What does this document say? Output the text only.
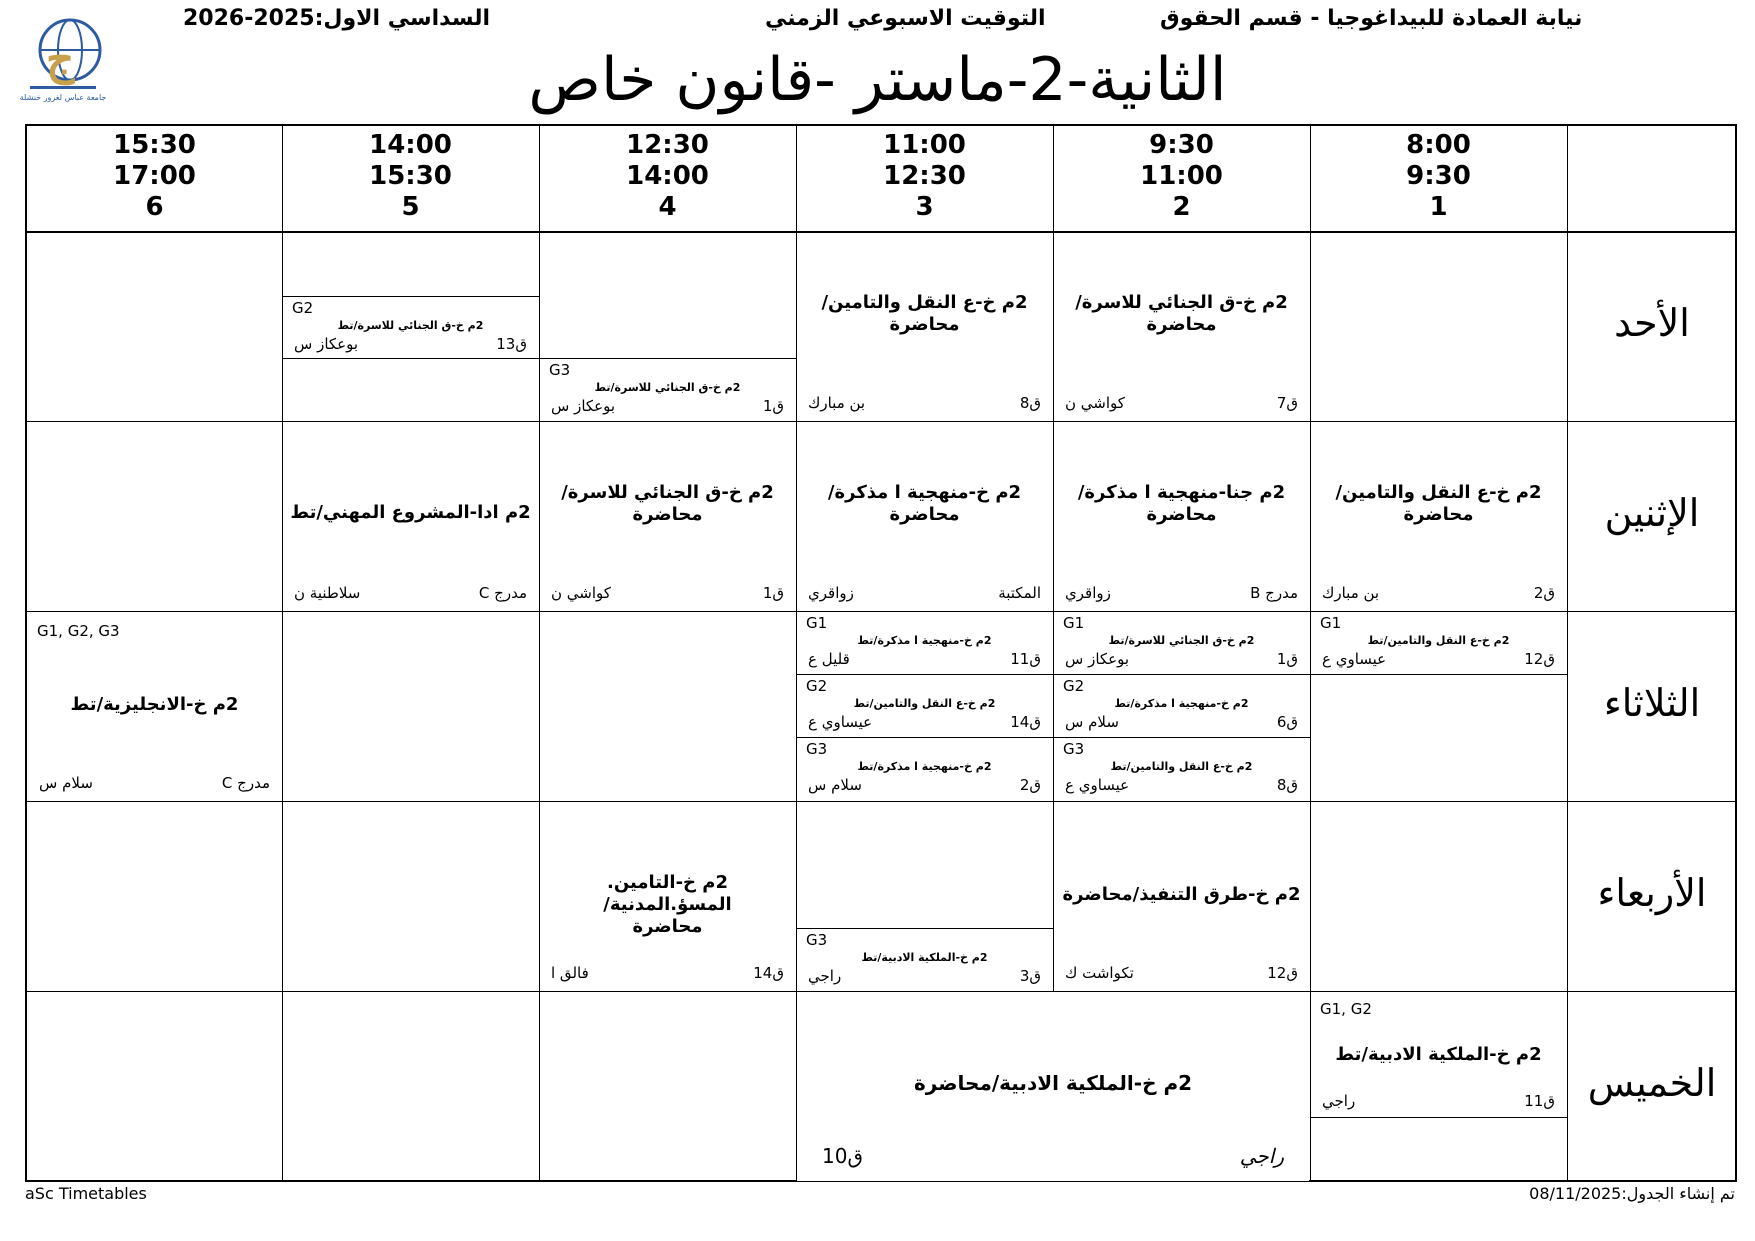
نيابة العمادة للبيداغوجيا - قسم الحقوق
التوقيت الاسبوعي الزمني
السداسي الاول:2025-2026
الثانية-2-ماستر -قانون خاص
ج
جامعة عباس لغرور خنشلة
8:00
9:30
1
9:30
11:00
2
11:00
12:30
3
12:30
14:00
4
14:00
15:30
5
15:30
17:00
6
الأحد
الإثنين
الثلاثاء
الأربعاء
الخميس
2م خ-ق الجنائي للاسرة/ محاضرة
ق7
كواشي ن
2م خ-ع النقل والتامين/ محاضرة
ق8
بن مبارك
G3
2م خ-ق الجنائي للاسرة/تط
ق1
بوعكاز س
G2
2م خ-ق الجنائي للاسرة/تط
ق13
بوعكاز س
2م خ-ع النقل والتامين/ محاضرة
ق2
بن مبارك
2م جنا-منهجية ا مذكرة/ محاضرة
مدرج B
زواقري
2م خ-منهجية ا مذكرة/ محاضرة
المكتبة
زواقري
2م خ-ق الجنائي للاسرة/ محاضرة
ق1
كواشي ن
2م ادا-المشروع المهني/تط
مدرج C
سلاطنية ن
G1
2م خ-ع النقل والتامين/تط
ق12
عيساوي ع
G1
2م خ-ق الجنائي للاسرة/تط
ق1
بوعكاز س
G2
2م خ-منهجية ا مذكرة/تط
ق6
سلام س
G3
2م خ-ع النقل والتامين/تط
ق8
عيساوي ع
G1
2م خ-منهجية ا مذكرة/تط
ق11
قليل ع
G2
2م خ-ع النقل والتامين/تط
ق14
عيساوي ع
G3
2م خ-منهجية ا مذكرة/تط
ق2
سلام س
G1, G2, G3
2م خ-الانجليزية/تط
مدرج C
سلام س
2م خ-طرق التنفيذ/محاضرة
ق12
تكواشت ك
G3
2م خ-الملكية الادبية/تط
ق3
راجي
2م خ-التامين. المسؤ.المدنية/محاضرة
ق14
فالق ا
G1, G2
2م خ-الملكية الادبية/تط
ق11
راجي
2م خ-الملكية الادبية/محاضرة
ق10	راجي
aSc Timetables	تم إنشاء الجدول:08/11/2025
